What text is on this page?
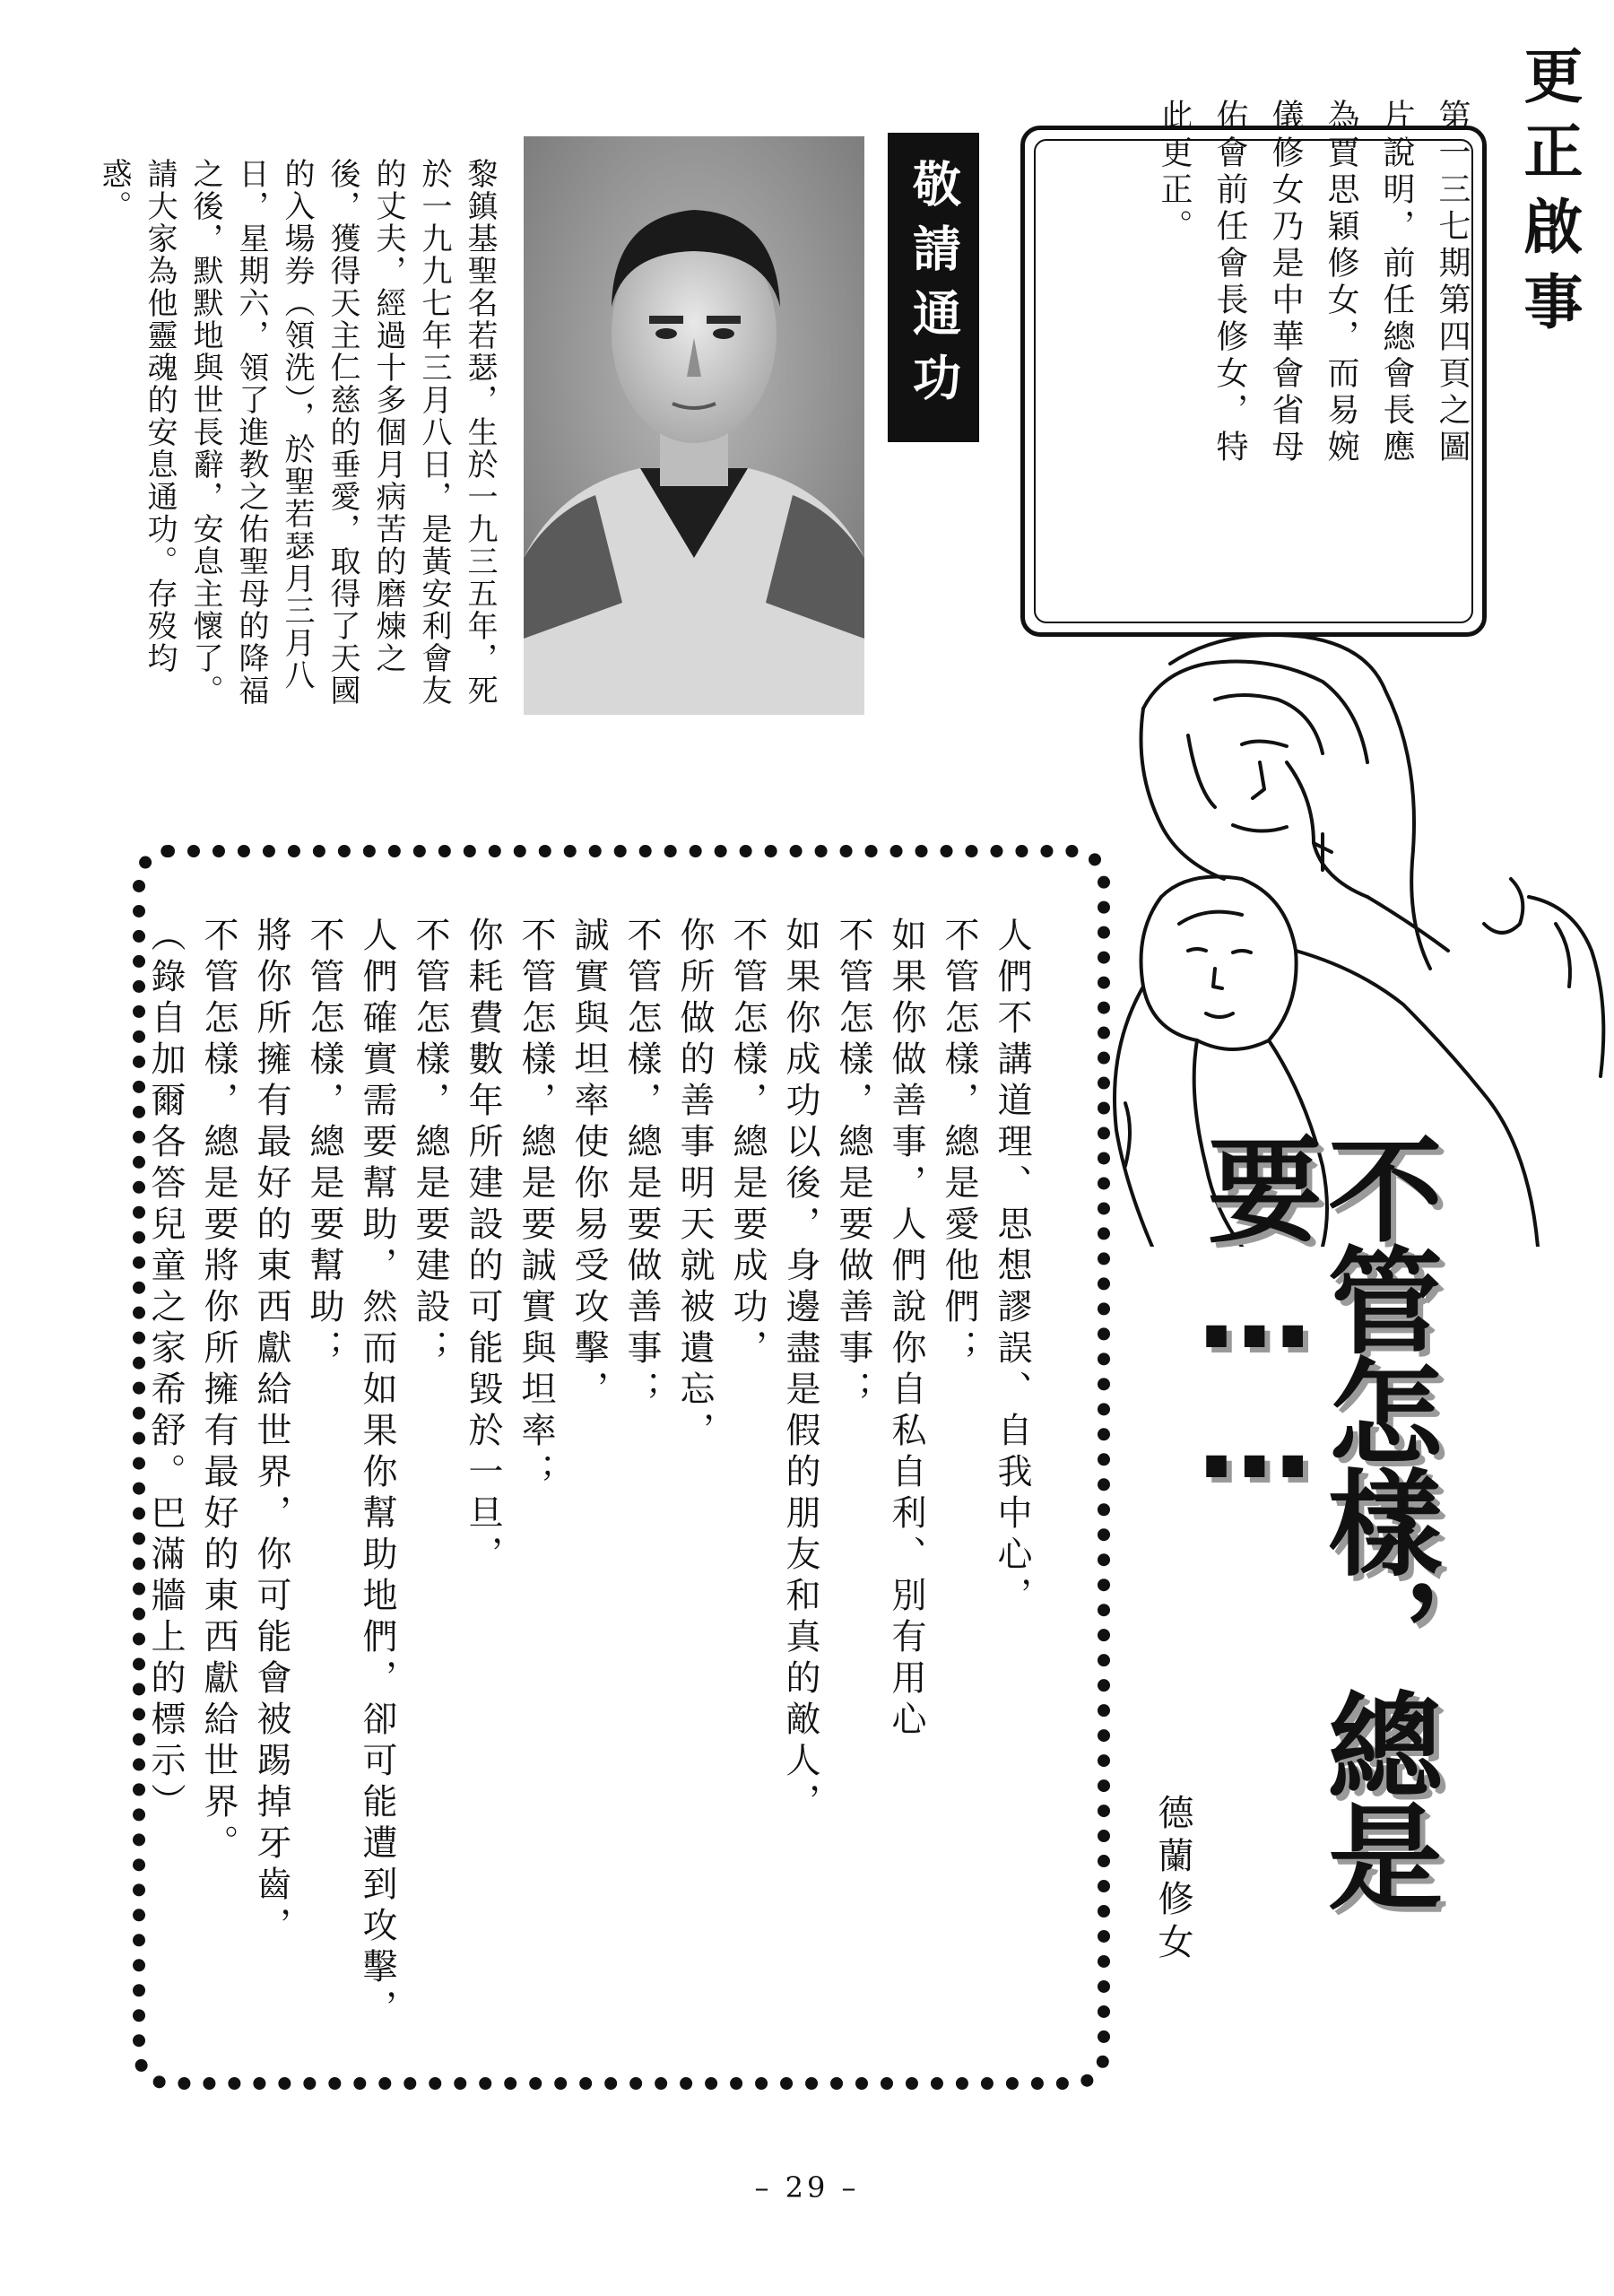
更正啟事
第一三七期第四頁之圖片說明，前任總會長應為賈思穎修女，而易婉儀修女乃是中華會省母佑會前任會長修女，特此更正。
敬請通功
黎鎮基聖名若瑟，生於一九三五年，死於一九九七年三月八日，是黃安利會友的丈夫，經過十多個月病苦的磨煉之後，獲得天主仁慈的垂愛，取得了天國的入場券（領洗），於聖若瑟月三月八日，星期六，領了進教之佑聖母的降福之後，默默地與世長辭，安息主懷了。請大家為他靈魂的安息通功。存歿均惑。

人們不講道理、思想謬誤、自我中心，

不管怎樣，總是愛他們；

如果你做善事，人們說你自私自利、別有用心

不管怎樣，總是要做善事；

如果你成功以後，身邊盡是假的朋友和真的敵人，

不管怎樣，總是要成功，

你所做的善事明天就被遺忘，

不管怎樣，總是要做善事；

誠實與坦率使你易受攻擊，

不管怎樣，總是要誠實與坦率；

你耗費數年所建設的可能毀於一旦，

不管怎樣，總是要建設；

人們確實需要幫助，然而如果你幫助地們，卻可能遭到攻擊，

不管怎樣，總是要幫助；

將你所擁有最好的東西獻給世界，你可能會被踢掉牙齒，

不管怎樣，總是要將你所擁有最好的東西獻給世界。

（錄自加爾各答兒童之家希舒。巴滿牆上的標示）	不管怎樣，總是要……
德蘭修女
– 29 –
